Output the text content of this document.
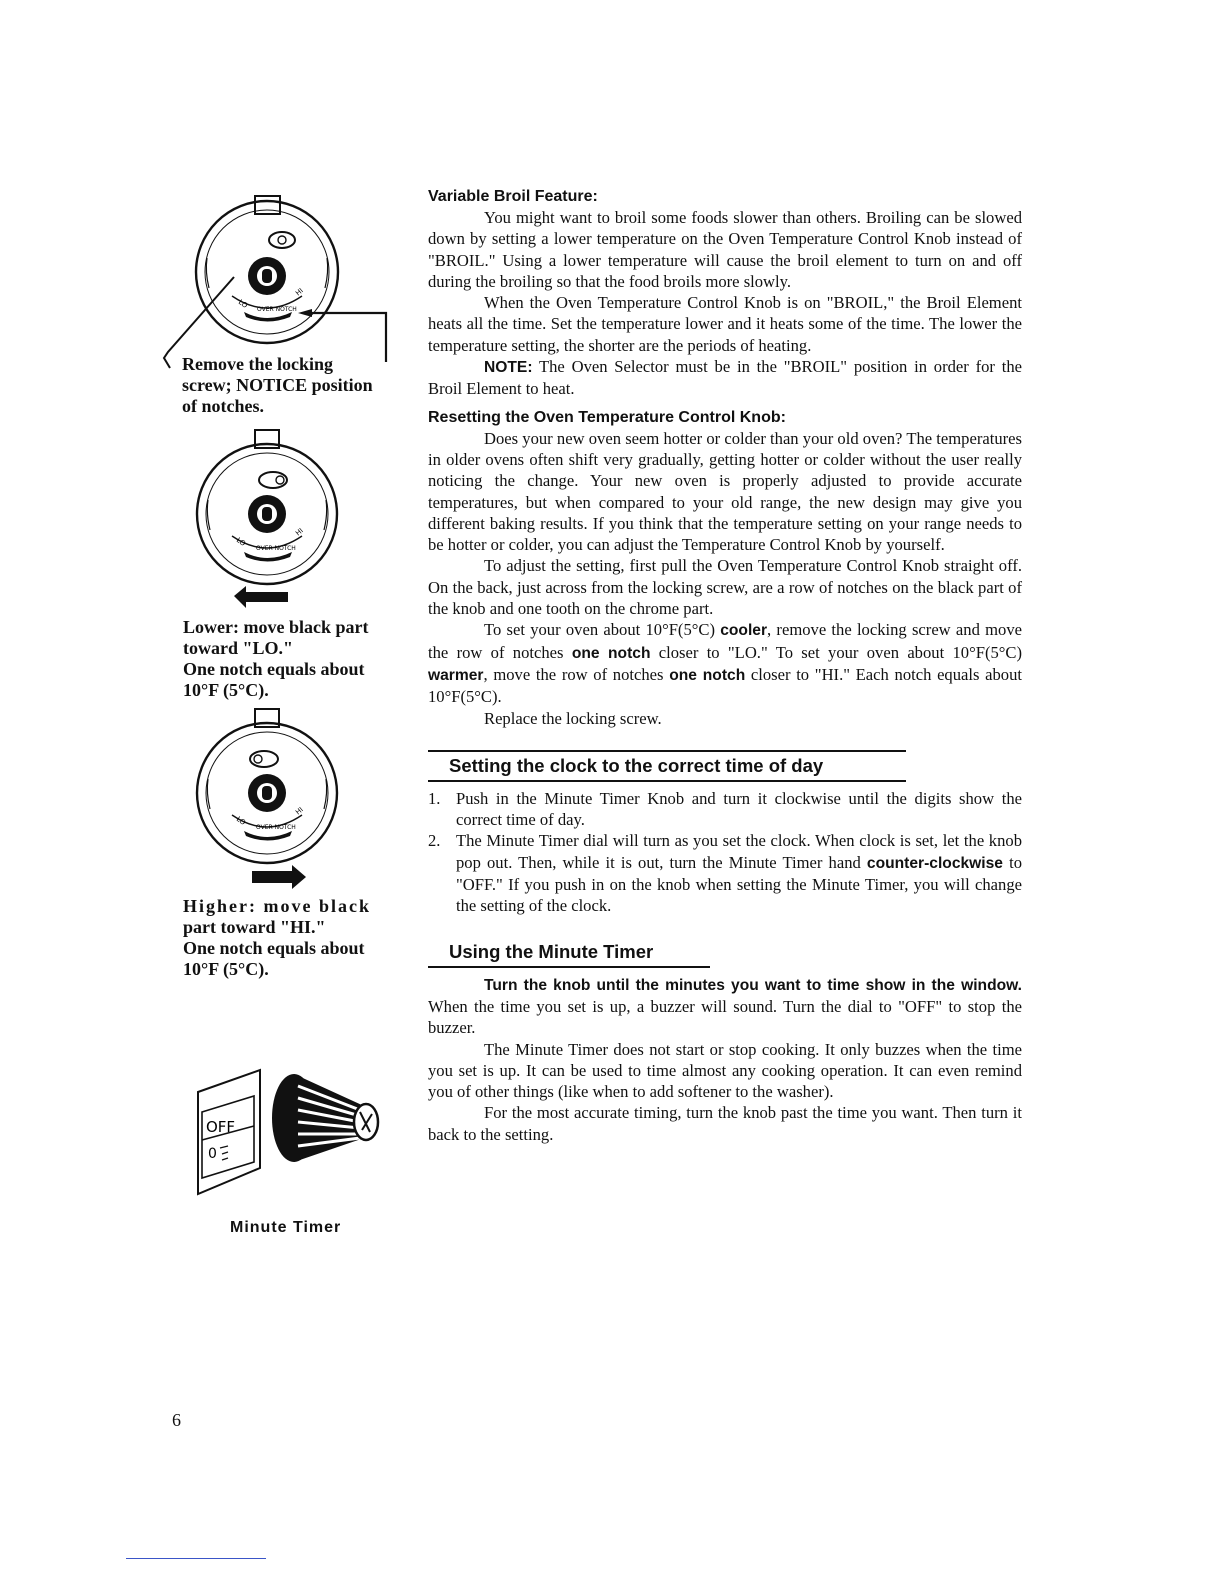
LO OVER NOTCH
HI
Remove the locking
screw; NOTICE position
of notches.
LO
OVER NOTCH
HI
Lower: move black part
toward "LO."
One notch equals about
10°F (5°C).
LO
OVER NOTCH
HI
Higher: move black
part toward "HI."
One notch equals about
10°F (5°C).
OFF
0
Minute Timer
Variable Broil Feature:

You might want to broil some foods slower than others. Broiling can be slowed down by setting a lower temperature on the Oven Temperature Control Knob instead of "BROIL." Using a lower temperature will cause the broil element to turn on and off during the broiling so that the food broils more slowly.

When the Oven Temperature Control Knob is on "BROIL," the Broil Element heats all the time. Set the temperature lower and it heats some of the time. The lower the temperature setting, the shorter are the periods of heating.

NOTE: The Oven Selector must be in the "BROIL" position in order for the Broil Element to heat.

Resetting the Oven Temperature Control Knob:

Does your new oven seem hotter or colder than your old oven? The temperatures in older ovens often shift very gradually, getting hotter or colder without the user really noticing the change. Your new oven is properly adjusted to provide accurate temperatures, but when compared to your old range, the new design may give you different baking results. If you think that the temperature setting on your range needs to be hotter or colder, you can adjust the Temperature Control Knob by yourself.

To adjust the setting, first pull the Oven Temperature Control Knob straight off. On the back, just across from the locking screw, are a row of notches on the black part of the knob and one tooth on the chrome part.

To set your oven about 10°F(5°C) cooler, remove the locking screw and move the row of notches one notch closer to "LO." To set your oven about 10°F(5°C) warmer, move the row of notches one notch closer to "HI." Each notch equals about 10°F(5°C).

Replace the locking screw.

Setting the clock to the correct time of day
1. Push in the Minute Timer Knob and turn it clockwise until the digits show the correct time of day.
2. The Minute Timer dial will turn as you set the clock. When clock is set, let the knob pop out. Then, while it is out, turn the Minute Timer hand counter-clockwise to "OFF." If you push in on the knob when setting the Minute Timer, you will change the setting of the clock.
Using the Minute Timer

Turn the knob until the minutes you want to time show in the window. When the time you set is up, a buzzer will sound. Turn the dial to "OFF" to stop the buzzer.

The Minute Timer does not start or stop cooking. It only buzzes when the time you set is up. It can be used to time almost any cooking operation. It can even remind you of other things (like when to add softener to the washer).

For the most accurate timing, turn the knob past the time you want. Then turn it back to the setting.

6
